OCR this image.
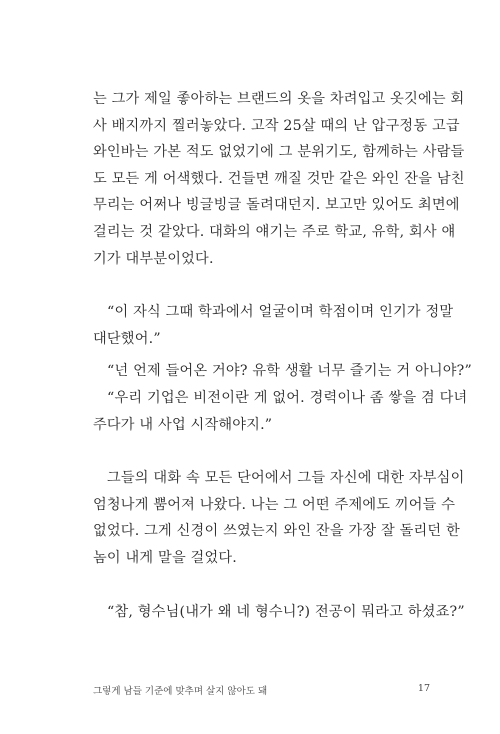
는 그가 제일 좋아하는 브랜드의 옷을 차려입고 옷깃에는 회
사 배지까지 찔러놓았다. 고작 25살 때의 난 압구정동 고급
와인바는 가본 적도 없었기에 그 분위기도, 함께하는 사람들
도 모든 게 어색했다. 건들면 깨질 것만 같은 와인 잔을 남친
무리는 어쩌나 빙글빙글 돌려대던지. 보고만 있어도 최면에
걸리는 것 같았다. 대화의 얘기는 주로 학교, 유학, 회사 얘
기가 대부분이었다.
“이 자식 그때 학과에서 얼굴이며 학점이며 인기가 정말
대단했어.”
“넌 언제 들어온 거야? 유학 생활 너무 즐기는 거 아니야?”
“우리 기업은 비전이란 게 없어. 경력이나 좀 쌓을 겸 다녀
주다가 내 사업 시작해야지.”
그들의 대화 속 모든 단어에서 그들 자신에 대한 자부심이
엄청나게 뿜어져 나왔다. 나는 그 어떤 주제에도 끼어들 수
없었다. 그게 신경이 쓰였는지 와인 잔을 가장 잘 돌리던 한
놈이 내게 말을 걸었다.
“참, 형수님(내가 왜 네 형수니?) 전공이 뭐라고 하셨죠?”
그렇게 남들 기준에 맞추며 살지 않아도 돼	17
